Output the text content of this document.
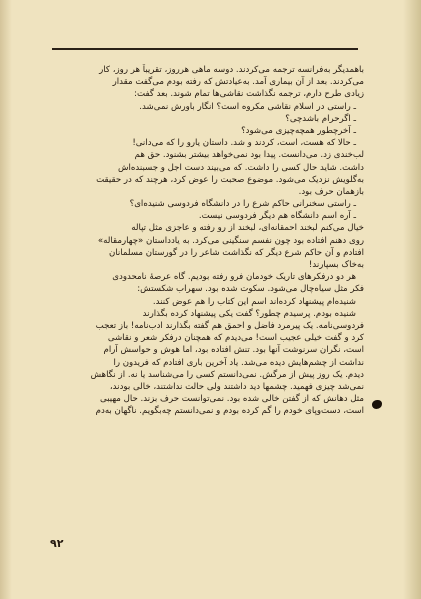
باهمدیگر به‌فرانسه ترجمه می‌کردند. دوسه ماهی هرروز، تقریباً هر روز، کار
می‌کردند. بعد از آن بیماری آمد. به‌عیادتش که رفته بودم می‌گفت مقدار
زیادی طرح دارم، ترجمه نگذاشت نقاشی‌ها تمام شوند. بعد گفت:
ـ راستی در اسلام نقاشی مکروه است؟ انگار باورش نمی‌شد.
ـ اگرحرام باشدچی؟
ـ آخرچطور همچه‌چیزی می‌شود؟
ـ حالا که هست، است، کردند و شد. داستان یارو را که می‌دانی!
لب‌خندی زد. می‌دانست. پیدا بود نمی‌خواهد بیشتر بشنود. حق هم
داشت. شاید حال کسی را داشت. که می‌بیند دست اجل و جسبنده‌اش
به‌گلویش نزدیک می‌شود. موضوع صحبت را عوض کرد، هرچند که در حقیقت
بازهمان حرف بود.
ـ راستی سخنرانی حاکم شرع را در دانشگاه فردوسی شنیده‌ای؟
ـ آره اسم دانشگاه هم دیگر فردوسی نیست.
خیال می‌کنم لبخند احمقانه‌ای، لبخند از رو رفته و عاجزی مثل تپاله
روی دهنم افتاده بود چون نفسم سنگینی می‌کرد. به یادداستان «چهارمقاله»
افتادم و آن حاکم شرع دیگر که نگذاشت شاعر را در گورستان مسلمانان
به‌خاک بسپارند!
هر دو درفکرهای تاریک خودمان فرو رفته بودیم. گاه عرصهٔ نامحدودی
فکر مثل سیاه‌چال می‌شود. سکوت شده بود. سهراب شکستش:
شنیده‌ام پیشنهاد کرده‌اند اسم این کتاب را هم عوض کنند.
شنیده بودم. پرسیدم چطور؟ گفت یکی پیشنهاد کرده بگذارند
فردوسی‌نامه. یک پیرمرد فاضل و احمق هم گفته بگذارند ادب‌نامه! باز تعجب
کرد و گفت خیلی عجیب است! می‌دیدم که همچنان درفکر شعر و نقاشی
است، نگران سرنوشت آنها بود. تنش افتاده بود، اما هوش و حواسش آرام
نداشت از چشم‌هایش دیده می‌شد. یاد آخرین باری افتادم که فریدون را
دیدم. یک روز پیش از مرگش. نمی‌دانستم کسی را می‌شناسد یا نه. از نگاهش
نمی‌شد چیزی فهمید. چشمها دید داشتند ولی حالت نداشتند، خالی بودند،
مثل دهانش که از گفتن خالی شده بود. نمی‌توانست حرف بزند. حال مهیبی
است، دست‌وپای خودم را گم کرده بودم و نمی‌دانستم چه‌بگویم. ناگهان به‌دم
۹۲
